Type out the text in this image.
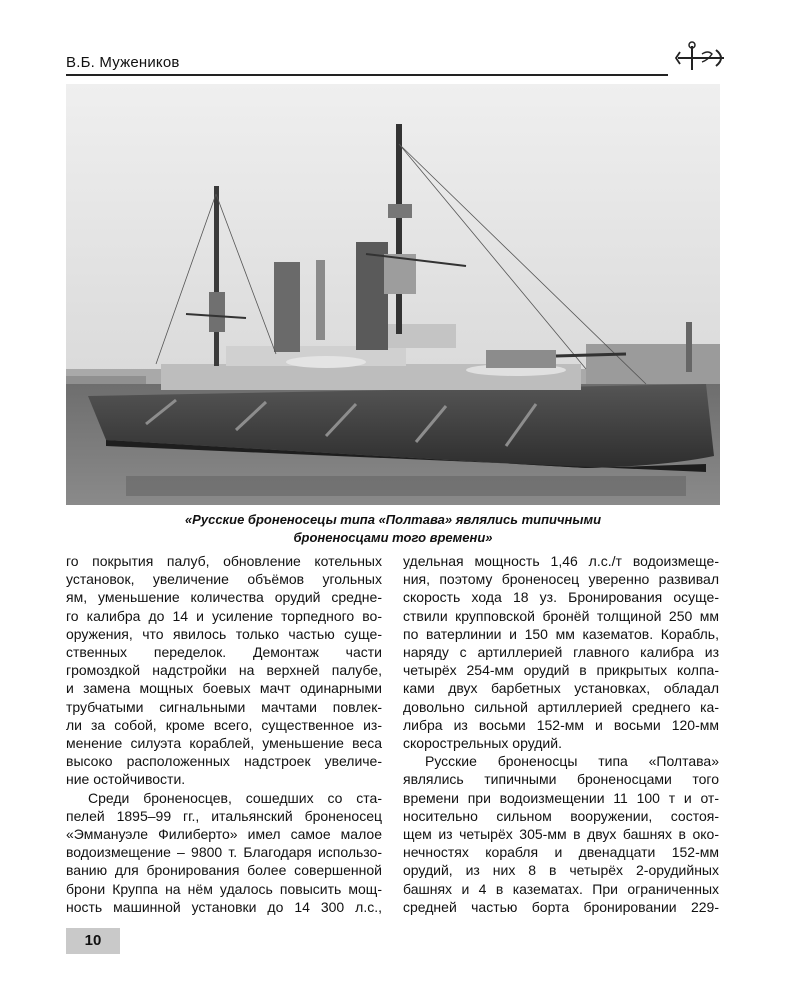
В.Б. Мужеников
«Русские броненосецы типа «Полтава» являлись типичными
броненосцами того времени»
го покрытия палуб, обновление котельных
установок, увеличение объёмов угольных
ям, уменьшение количества орудий средне-
го калибра до 14 и усиление торпедного во-
оружения, что явилось только частью суще-
ственных переделок. Демонтаж части
громоздкой надстройки на верхней палубе,
и замена мощных боевых мачт одинарными
трубчатыми сигнальными мачтами повлек-
ли за собой, кроме всего, существенное из-
менение силуэта кораблей, уменьшение веса
высоко расположенных надстроек увеличе-
ние остойчивости.
Среди броненосцев, сошедших со ста-
пелей 1895–99 гг., итальянский броненосец
«Эммануэле Филиберто» имел самое малое
водоизмещение – 9800 т. Благодаря использо-
ванию для бронирования более совершенной
брони Круппа на нём удалось повысить мощ-
ность машинной установки до 14 300 л.с.,
удельная мощность 1,46 л.с./т водоизмеще-
ния, поэтому броненосец уверенно развивал
скорость хода 18 уз. Бронирования осуще-
ствили крупповской бронёй толщиной 250 мм
по ватерлинии и 150 мм казематов. Корабль,
наряду с артиллерией главного калибра из
четырёх 254-мм орудий в прикрытых колпа-
ками двух барбетных установках, обладал
довольно сильной артиллерией среднего ка-
либра из восьми 152-мм и восьми 120-мм
скорострельных орудий.
Русские броненосцы типа «Полтава»
являлись типичными броненосцами того
времени при водоизмещении 11 100 т и от-
носительно сильном вооружении, состоя-
щем из четырёх 305-мм в двух башнях в око-
нечностях корабля и двенадцати 152-мм
орудий, из них 8 в четырёх 2-орудийных
башнях и 4 в казематах. При ограниченных
средней частью борта бронировании 229-
10
